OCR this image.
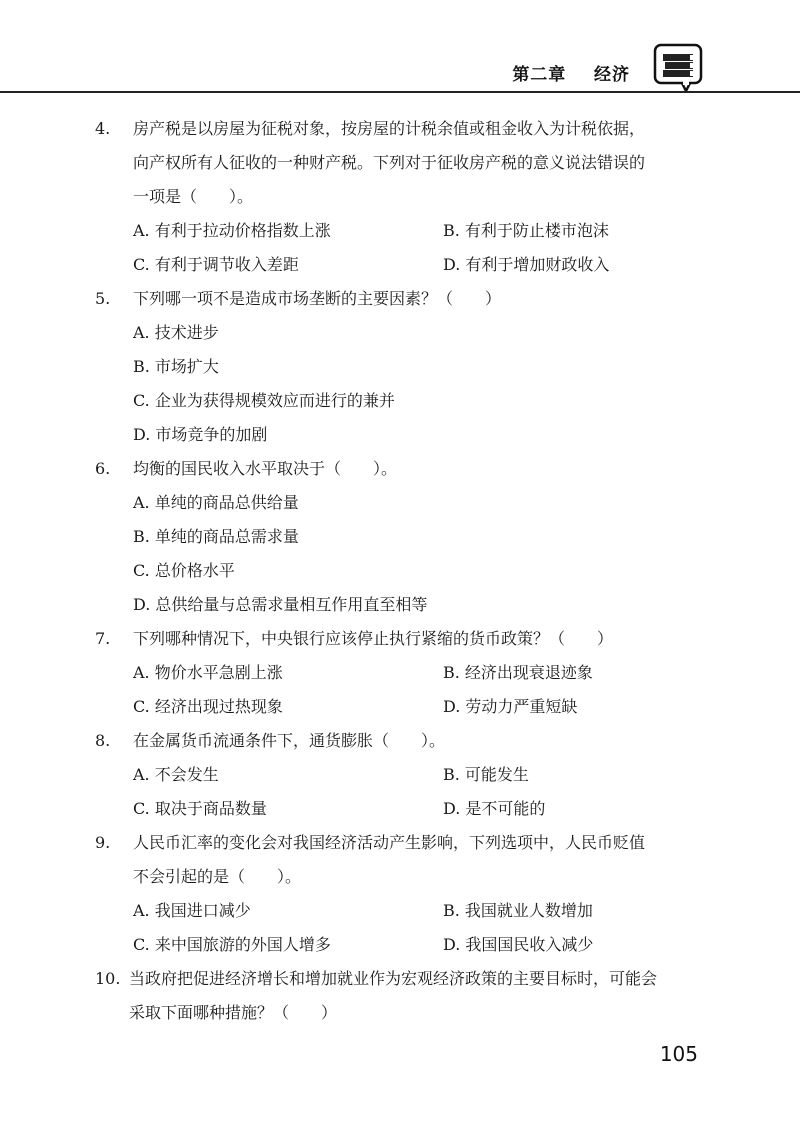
第二章    经济
4.	房产税是以房屋为征税对象，按房屋的计税余值或租金收入为计税依据，

向产权所有人征收的一种财产税。下列对于征收房产税的意义说法错误的

一项是（　　）。

A. 有利于拉动价格指数上涨	B. 有利于防止楼市泡沫
C. 有利于调节收入差距	D. 有利于增加财政收入
5.	下列哪一项不是造成市场垄断的主要因素？（　　）

A. 技术进步
B. 市场扩大
C. 企业为获得规模效应而进行的兼并
D. 市场竞争的加剧
6.	均衡的国民收入水平取决于（　　）。

A. 单纯的商品总供给量
B. 单纯的商品总需求量
C. 总价格水平
D. 总供给量与总需求量相互作用直至相等
7.	下列哪种情况下，中央银行应该停止执行紧缩的货币政策？（　　）

A. 物价水平急剧上涨	B. 经济出现衰退迹象
C. 经济出现过热现象	D. 劳动力严重短缺
8.	在金属货币流通条件下，通货膨胀（　　）。

A. 不会发生	B. 可能发生
C. 取决于商品数量	D. 是不可能的
9.	人民币汇率的变化会对我国经济活动产生影响，下列选项中，人民币贬值

不会引起的是（　　）。

A. 我国进口减少	B. 我国就业人数增加
C. 来中国旅游的外国人增多	D. 我国国民收入减少
10. 当政府把促进经济增长和增加就业作为宏观经济政策的主要目标时，可能会

采取下面哪种措施？（　　）

105
